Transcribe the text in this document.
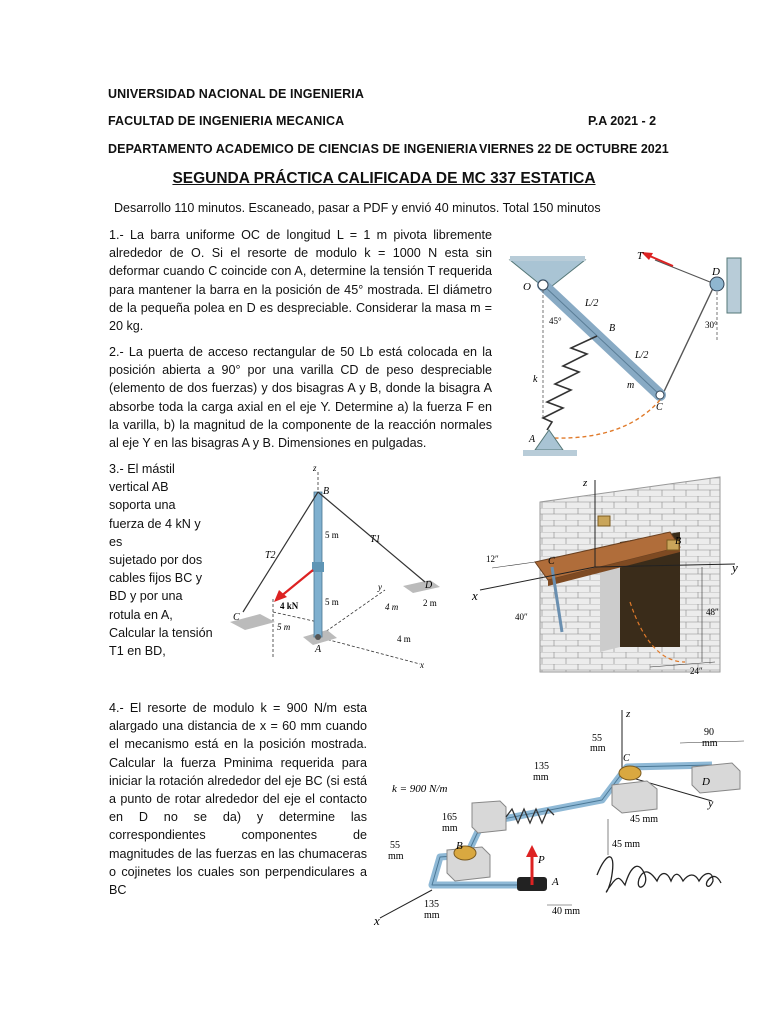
UNIVERSIDAD NACIONAL DE INGENIERIA
FACULTAD DE INGENIERIA MECANICA	P.A 2021 - 2
DEPARTAMENTO ACADEMICO DE CIENCIAS DE INGENIERIA VIERNES 22 DE OCTUBRE 2021
SEGUNDA PRÁCTICA CALIFICADA DE MC 337 ESTATICA
Desarrollo 110 minutos. Escaneado, pasar a PDF y envió 40 minutos. Total 150 minutos
1.- La barra uniforme OC de longitud L = 1 m pivota libremente alrededor de O. Si el resorte de modulo k = 1000 N esta sin deformar cuando C coincide con A, determine la tensión T requerida para mantener la barra en la posición de 45° mostrada. El diámetro de la pequeña polea en D es despreciable. Considerar la masa m = 20 kg.
T
D
O
L/2
45°
B
L/2
30°
k
m
C
A
2.- La puerta de acceso rectangular de 50 Lb está colocada en la posición abierta a 90° por una varilla CD de peso despreciable (elemento de dos fuerzas) y dos bisagras A y B, donde la bisagra A absorbe toda la carga axial en el eje Y. Determine a) la fuerza F en la varilla, b) la magnitud de la componente de la reacción normales al eje Y en las bisagras A y B. Dimensiones en pulgadas.
3.- El mástil
vertical AB
soporta una
fuerza de 4 kN y es
sujetado por dos
cables fijos BC y
BD y por una
rotula en A,
Calcular la tensión
T1 en BD,
z
B
T1
T2
5 m
5 m
4 kN
C
D
y
4 m	2 m
5 m
A
4 m
x
z
y
x
B
C
12″
40″	48″
24″
4.- El resorte de modulo k = 900 N/m esta alargado una distancia de x = 60 mm cuando el mecanismo está en la posición mostrada. Calcular la fuerza Pminima requerida para iniciar la rotación alrededor del eje BC (si está a punto de rotar alrededor del eje el contacto en D no se da) y determine las correspondientes componentes de magnitudes de las fuerzas en las chumaceras o cojinetes los cuales son perpendiculares a BC
z
90
mm
55
mm
C
135
mm
k = 900 N/m
D
y
45 mm
165
mm
45 mm
55
mm
B
P
A
x
135
mm	40 mm
